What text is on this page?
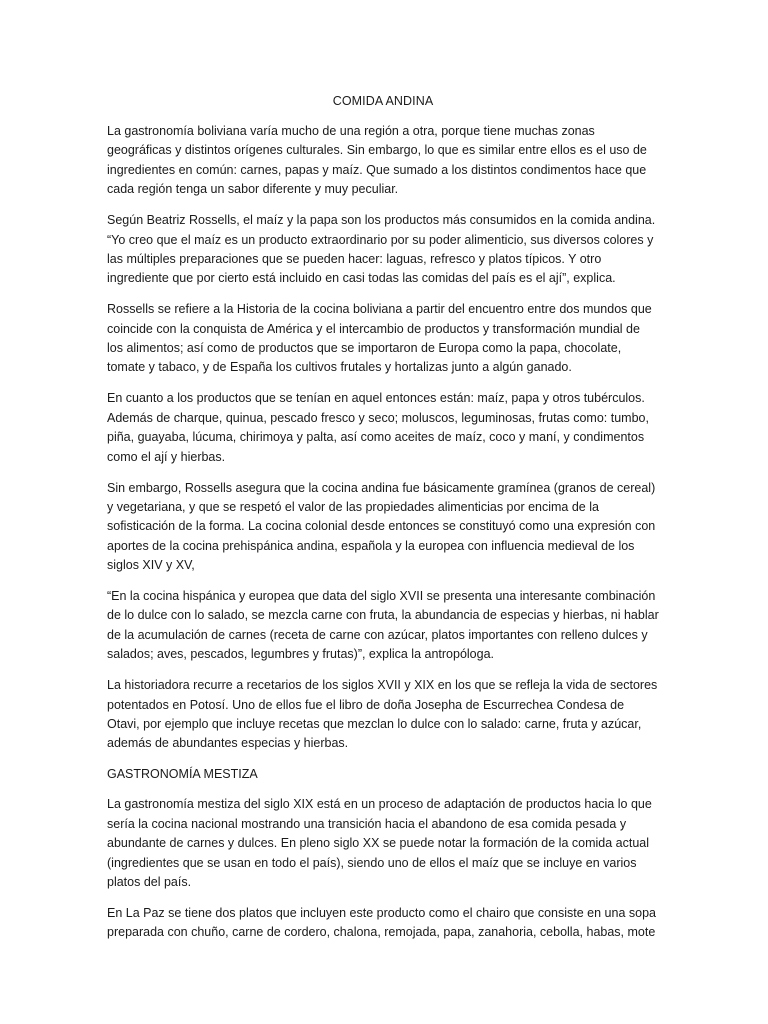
COMIDA ANDINA

La gastronomía boliviana varía mucho de una región a otra, porque tiene muchas zonas geográficas y distintos orígenes culturales. Sin embargo, lo que es similar entre ellos es el uso de ingredientes en común: carnes, papas y maíz. Que sumado a los distintos condimentos hace que cada región tenga un sabor diferente y muy peculiar.

Según Beatriz Rossells, el maíz y la papa son los productos más consumidos en la comida andina. “Yo creo que el maíz es un producto extraordinario por su poder alimenticio, sus diversos colores y las múltiples preparaciones que se pueden hacer: laguas, refresco y platos típicos. Y otro ingrediente que por cierto está incluido en casi todas las comidas del país es el ají”, explica.

Rossells se refiere a la Historia de la cocina boliviana a partir del encuentro entre dos mundos que coincide con la conquista de América y el intercambio de productos y transformación mundial de los alimentos; así como de productos que se importaron de Europa como la papa, chocolate, tomate y tabaco, y de España los cultivos frutales y hortalizas junto a algún ganado.

En cuanto a los productos que se tenían en aquel entonces están: maíz, papa y otros tubérculos. Además de charque, quinua, pescado fresco y seco; moluscos, leguminosas, frutas como: tumbo, piña, guayaba, lúcuma, chirimoya y palta, así como aceites de maíz, coco y maní, y condimentos como el ají y hierbas.

Sin embargo, Rossells asegura que la cocina andina fue básicamente gramínea (granos de cereal) y vegetariana, y que se respetó el valor de las propiedades alimenticias por encima de la sofisticación de la forma. La cocina colonial desde entonces se constituyó como una expresión con aportes de la cocina prehispánica andina, española y la europea con influencia medieval de los siglos XIV y XV,

“En la cocina hispánica y europea que data del siglo XVII se presenta una interesante combinación de lo dulce con lo salado, se mezcla carne con fruta, la abundancia de especias y hierbas, ni hablar de la acumulación de carnes (receta de carne con azúcar, platos importantes con relleno dulces y salados; aves, pescados, legumbres y frutas)”, explica la antropóloga.

La historiadora recurre a recetarios de los siglos XVII y XIX en los que se refleja la vida de sectores potentados en Potosí. Uno de ellos fue el libro de doña Josepha de Escurrechea Condesa de Otavi, por ejemplo que incluye recetas que mezclan lo dulce con lo salado: carne, fruta y azúcar, además de abundantes especias y hierbas.

GASTRONOMÍA MESTIZA

La gastronomía mestiza del siglo XIX está en un proceso de adaptación de productos hacia lo que sería la cocina nacional mostrando una transición hacia el abandono de esa comida pesada y abundante de carnes y dulces. En pleno siglo XX se puede notar la formación de la comida actual (ingredientes que se usan en todo el país), siendo uno de ellos el maíz que se incluye en varios platos del país.

En La Paz se tiene dos platos que incluyen este producto como el chairo que consiste en una sopa preparada con chuño, carne de cordero, chalona, remojada, papa, zanahoria, cebolla, habas, mote
